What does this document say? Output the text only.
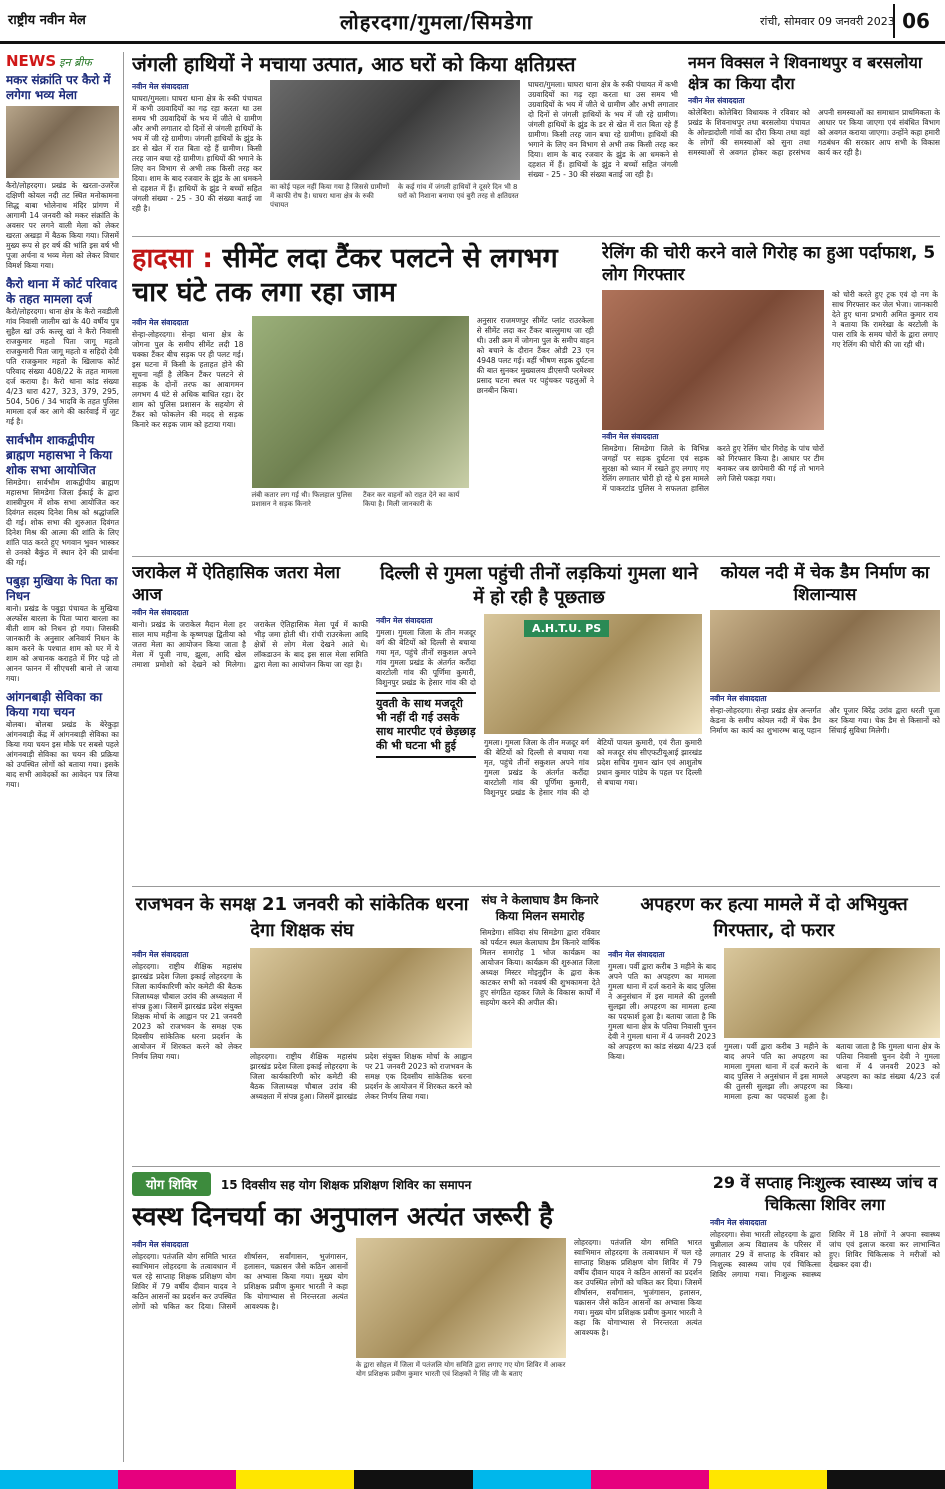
राष्ट्रीय नवीन मेल	लोहरदगा/गुमला/सिमडेगा	रांची, सोमवार 09 जनवरी 2023 06
NEWS इन ब्रीफ
मकर संक्रांति पर कैरो में लगेगा भव्य मेला
कैरो/लोहरदगा। प्रखंड के खरता-उजरेंज दक्षिणी कोयल नदी तट स्थित मनोकामना सिद्ध बाबा भोलेनाथ मंदिर प्रांगण में आगामी 14 जनवरी को मकर संक्रांति के अवसर पर लगने वाली मेला को लेकर खरता अखड़ा में बैठक किया गया। जिसमें मुख्य रूप से हर वर्ष की भांति इस वर्ष भी पूजा अर्चना व भव्य मेला को लेकर विचार विमर्श किया गया।
कैरो थाना में कोर्ट परिवाद के तहत मामला दर्ज
कैरो/लोहरदगा। थाना क्षेत्र के कैरो नवडीली गांव निवासी जालीम खां के 40 वर्षीय पुत्र सुहैल खां उर्फ कल्लू खां ने कैरो निवासी राजकुमार महतो पिता जागू महतो राजकुमारी पिता जागू महतो व सहिदो देवी पति राजकुमार महतो के खिलाफ कोर्ट परिवाद संख्या 408/22 के तहत मामला दर्ज कराया है। कैरो थाना कांड संख्या 4/23 धारा 427, 323, 379, 295, 504, 506 / 34 भादवि के तहत पुलिस मामला दर्ज कर आगे की कार्रवाई में जुट गई है।
सार्वभौम शाकद्वीपीय ब्राह्मण महासभा ने किया शोक सभा आयोजित
सिमडेगा। सार्वभौम शाकद्वीपीय ब्राह्मण महासभा सिमडेगा जिला ईकाई के द्वारा शास्त्रीपुरम में शोक सभा आयोजित कर दिवंगत सदस्य दिनेश मिश्र को श्रद्धांजलि दी गई। शोक सभा की शुरुआत दिवंगत दिनेश मिश्र की आत्मा की शांति के लिए शांति पाठ करते हुए भगवान भुवन भास्कर से उनको बैकुंठ में स्थान देने की प्रार्थना की गई।
पबुड़ा मुखिया के पिता का निधन
बानो। प्रखंड के पबुड़ा पंचायत के मुखिया अल्फोंस बारला के पिता प्यारा बारला का बीती शाम को निधन हो गया। जिसकी जानकारी के अनुसार अनिवार्य निधन के काम करने के पश्चात शाम को घर में ये शाम को अचानक कराहते में गिर पड़े तो आनन फानन में सीएचसी बानो ले जाया गया।
आंगनबाड़ी सेविका का किया गया चयन
बोलबा। बोलबा प्रखंड के बेरेकुड़ा आंगनबाड़ी केंद्र में आंगनबाड़ी सेविका का किया गया चयन इस मौके पर सबसे पहले आंगनबाड़ी सेविका का चयन की प्रक्रिया को उपस्थित लोगों को बताया गया। इसके बाद सभी आवेदकों का आवेदन पत्र लिया गया।
जंगली हाथियों ने मचाया उत्पात, आठ घरों को किया क्षतिग्रस्त
नवीन मेल संवाददाता
घाघरा/गुमला। घाघरा थाना क्षेत्र के रुकी पंचायत में कभी उग्रवादियों का गढ़ रहा करता था उस समय भी उग्रवादियों के भय में जीते थे ग्रामीण और अभी लगातार दो दिनों से जंगली हाथियों के भय में जी रहे ग्रामीण। जंगली हाथियों के झुंड के डर से खेत में रात बिता रहे हैं ग्रामीण। किसी तरह जान बचा रहे ग्रामीण। हाथियों की भगाने के लिए वन विभाग से अभी तक किसी तरह कर दिया। शाम के बाद रजवार के झुंड के आ धमकने से दहशत में हैं। हाथियों के झुंड ने बच्चों सहित जंगली संख्या - 25 - 30 की संख्या बताई जा रही है।
का कोई पहल नहीं किया गया है जिससे ग्रामीणों में काफी रोष है। घाघरा थाना क्षेत्र के रुकी पंचायत
के कई गांव में जंगली हाथियों ने दूसरे दिन भी 8 घरों को निशाना बनाया एवं बुरी तरह से क्षतिग्रस्त
घाघरा/गुमला। घाघरा थाना क्षेत्र के रुकी पंचायत में कभी उग्रवादियों का गढ़ रहा करता था उस समय भी उग्रवादियों के भय में जीते थे ग्रामीण और अभी लगातार दो दिनों से जंगली हाथियों के भय में जी रहे ग्रामीण। जंगली हाथियों के झुंड के डर से खेत में रात बिता रहे हैं ग्रामीण। किसी तरह जान बचा रहे ग्रामीण। हाथियों की भगाने के लिए वन विभाग से अभी तक किसी तरह कर दिया। शाम के बाद रजवार के झुंड के आ धमकने से दहशत में हैं। हाथियों के झुंड ने बच्चों सहित जंगली संख्या - 25 - 30 की संख्या बताई जा रही है।
नमन विक्सल ने शिवनाथपुर व बरसलोया क्षेत्र का किया दौरा
नवीन मेल संवाददाता
कोलेबिरा। कोलेबिरा विधायक ने रविवार को प्रखंड के शिवनाथपुर तथा बरसलोया पंचायत के ओल्डादोली गांवों का दौरा किया तथा वहां के लोगों की समस्याओं को सुना तथा समस्याओं से अवगत होकर कहा हरसंभव अपनी समस्याओं का समाधान प्राथमिकता के आधार पर किया जाएगा एवं संबंधित विभाग को अवगत कराया जाएगा। उन्होंने कहा हमारी गठबंधन की सरकार आप सभी के विकास कार्य कर रही है।
हादसा : सीमेंट लदा टैंकर पलटने से लगभग चार घंटे तक लगा रहा जाम
नवीन मेल संवाददाता
सेन्हा-लोहरदगा। सेन्हा थाना क्षेत्र के जोगना पुल के समीप सीमेंट लदी 18 चक्का टैंकर बीच सड़क पर ही पलट गई। इस घटना में किसी के हताहत होने की सूचना नहीं है लेकिन टैंकर पलटने से सड़क के दोनों तरफ का आवागमन लगभग 4 घंटे से अधिक बाधित रहा। देर शाम को पुलिस प्रशासन के सहयोग से टैंकर को फोकलेन की मदद से सड़क किनारे कर सड़क जाम को हटाया गया।
लंबी कतार लग गई थी। फिलहाल पुलिस प्रशासन ने सड़क किनारे
टैंकर कर वाहनों को राहत देने का कार्य किया है। मिली जानकारी के
अनुसार राजमणपुर सीमेंट प्लांट राउरकेला से सीमेंट लदा कर टैंकर बाल्लुमाथ जा रही थी। उसी क्रम में जोगना पुल के समीप वाहन को बचाने के दौरान टैंकर ओडी 23 एन 4948 पलट गई। वहीं भीषण सड़क दुर्घटना की बात सुनकर मुख्यालय डीएसपी परमेश्वर प्रसाद घटना स्थल पर पहुंचकर पहलुओं ने छानबीन किया।
रेलिंग की चोरी करने वाले गिरोह का हुआ पर्दाफाश, 5 लोग गिरफ्तार
नवीन मेल संवाददाता
सिमडेगा। सिमडेगा जिले के विभिन्न जगहों पर सड़क दुर्घटना एवं सड़क सुरक्षा को ध्यान में रखते हुए लगाए गए रेलिंग लगातार चोरी हो रहे थे इस मामले में पाकरटांड पुलिस ने सफलता हासिल करते हुए रेलिंग चोर गिरोह के पांच चोरों को गिरफ्तार किया है। आधार पर टीम बनाकर जब छापेमारी की गई तो भागने लगे जिसे पकड़ा गया।
को चोरी करते हुए ट्रक एवं दो नग के साथ गिरफ्तार कर जेल भेजा। जानकारी देते हुए थाना प्रभारी अमित कुमार राय ने बताया कि रामरेखा के बरटोली के पास रात्रि के समय चोरों के द्वारा लगाए गए रेलिंग की चोरी की जा रही थी।
जराकेल में ऐतिहासिक जतरा मेला आज
नवीन मेल संवाददाता
बानो। प्रखंड के जराकेल मैदान मेला हर साल माघ महीना के कृष्णपक्ष द्वितीया को जतरा मेला का आयोजन किया जाता है मेला में पूजी नाच, झूला, आदि खेल तमाशा प्रमोशो को देखने को मिलेगा। जराकेल ऐतिहासिक मेला पूर्व में काफी भीड़ जमा होती थी। रांची राउरकेला आदि क्षेत्रों से लोग मेला देखने आते थे। लॉकडाउन के बाद इस साल मेला समिति द्वारा मेला का आयोजन किया जा रहा है।
दिल्ली से गुमला पहुंची तीनों लड़कियां गुमला थाने में हो रही है पूछताछ
नवीन मेल संवाददाता
गुमला। गुमला जिला के तीन मजदूर वर्ग की बेटियों को दिल्ली से बचाया गया मृत, पहुंचे तीनों सकुशल अपने गांव गुमला प्रखंड के अंतर्गत करौंदा बारटोली गांव की पूर्णिमा कुमारी, विशुनपुर प्रखंड के हेसार गांव की दो
युवती के साथ मजदूरी भी नहीं दी गई उसके साथ मारपीट एवं छेड़छाड़ की भी घटना भी हुई
A.H.T.U. PS
गुमला। गुमला जिला के तीन मजदूर वर्ग की बेटियों को दिल्ली से बचाया गया मृत, पहुंचे तीनों सकुशल अपने गांव गुमला प्रखंड के अंतर्गत करौंदा बारटोली गांव की पूर्णिमा कुमारी, विशुनपुर प्रखंड के हेसार गांव की दो बेटियों पायल कुमारी, एवं रीता कुमारी को मजदूर संघ सीएफटीयूआई झारखंड प्रदेश सचिव गुमान खांन एवं आशुतोष प्रधान कुमार पांडेय के पहल पर दिल्ली से बचाया गया।
कोयल नदी में चेक डैम निर्माण का शिलान्यास
नवीन मेल संवाददाता
सेन्हा-लोहरदगा। सेन्हा प्रखंड क्षेत्र अन्तर्गत केडना के समीप कोयल नदी में चेक डैम निर्माण का कार्य का शुभारम्भ बालू पहान और पूजार बिरेंद्र उरांव द्वारा धरती पूजा कर किया गया। चेक डैम से किसानों को सिंचाई सुविधा मिलेगी।
राजभवन के समक्ष 21 जनवरी को सांकेतिक धरना देगा शिक्षक संघ
नवीन मेल संवाददाता
लोहरदगा। राष्ट्रीय शैक्षिक महासंघ झारखंड प्रदेश जिला इकाई लोहरदगा के जिला कार्यकारिणी कोर कमेटी की बैठक जिलाध्यक्ष चौबाल उरांव की अध्यक्षता में संपन्न हुआ। जिसमें झारखंड प्रदेश संयुक्त शिक्षक मोर्चा के आह्वान पर 21 जनवरी 2023 को राजभवन के समक्ष एक दिवसीय सांकेतिक धरना प्रदर्शन के आयोजन में शिरकत करने को लेकर निर्णय लिया गया।	लोहरदगा। राष्ट्रीय शैक्षिक महासंघ झारखंड प्रदेश जिला इकाई लोहरदगा के जिला कार्यकारिणी कोर कमेटी की बैठक जिलाध्यक्ष चौबाल उरांव की अध्यक्षता में संपन्न हुआ। जिसमें झारखंड प्रदेश संयुक्त शिक्षक मोर्चा के आह्वान पर 21 जनवरी 2023 को राजभवन के समक्ष एक दिवसीय सांकेतिक धरना प्रदर्शन के आयोजन में शिरकत करने को लेकर निर्णय लिया गया।
संघ ने केलाघाघ डैम किनारे किया मिलन समारोह
सिमडेगा। संविदा संघ सिमडेगा द्वारा रविवार को पर्यटन स्थल केलाघाघ डैम किनारे वार्षिक मिलन समारोह 1 भोज कार्यक्रम का आयोजन किया। कार्यक्रम की शुरुआत जिला अध्यक्ष मिस्टर मोइनुद्दीन के द्वारा केक काटकर सभी को नववर्ष की शुभकामना देते हुए संगठित रहकर जिले के विकास कार्यों में सहयोग करने की अपील की।
अपहरण कर हत्या मामले में दो अभियुक्त गिरफ्तार, दो फरार
नवीन मेल संवाददाता
गुमला। पर्वी द्वारा करीब 3 महीने के बाद अपने पति का अपहरण का मामला गुमला थाना में दर्ज कराने के बाद पुलिस ने अनुसंधान में इस मामले की तुलसी सुलझा ली। अपहरण का मामला हत्या का पदफार्श हुआ है। बताया जाता है कि गुमला थाना क्षेत्र के पतिया निवासी चुनन देवी ने गुमला थाना में 4 जनवरी 2023 को अपहरण का कांड संख्या 4/23 दर्ज किया।
गुमला। पर्वी द्वारा करीब 3 महीने के बाद अपने पति का अपहरण का मामला गुमला थाना में दर्ज कराने के बाद पुलिस ने अनुसंधान में इस मामले की तुलसी सुलझा ली। अपहरण का मामला हत्या का पदफार्श हुआ है। बताया जाता है कि गुमला थाना क्षेत्र के पतिया निवासी चुनन देवी ने गुमला थाना में 4 जनवरी 2023 को अपहरण का कांड संख्या 4/23 दर्ज किया।
योग शिविर	15 दिवसीय सह योग शिक्षक प्रशिक्षण शिविर का समापन
स्वस्थ दिनचर्या का अनुपालन अत्यंत जरूरी है
नवीन मेल संवाददाता
लोहरदगा। पतंजलि योग समिति भारत स्वाभिमान लोहरदगा के तत्वावधान में चल रहे साप्ताह शिक्षक प्रशिक्षण योग शिविर में 79 वर्षीय दीवान यादव ने कठिन आसनों का प्रदर्शन कर उपस्थित लोगों को चकित कर दिया। जिसमें शीर्षासन, सर्वांगासन, भुजंगासन, हलासन, चक्रासन जैसे कठिन आसनों का अभ्यास किया गया। मुख्य योग प्रशिक्षक प्रवीण कुमार भारती ने कहा कि योगाभ्यास से निरन्तरता अत्यंत आवश्यक है।
के द्वारा सोहल में जिला में पतंजलि योग समिति द्वारा लगाए गए योग शिविर में आकर योग प्रशिक्षक प्रवीण कुमार भारती एवं शिक्षकों ने सिंह जी के बताए
लोहरदगा। पतंजलि योग समिति भारत स्वाभिमान लोहरदगा के तत्वावधान में चल रहे साप्ताह शिक्षक प्रशिक्षण योग शिविर में 79 वर्षीय दीवान यादव ने कठिन आसनों का प्रदर्शन कर उपस्थित लोगों को चकित कर दिया। जिसमें शीर्षासन, सर्वांगासन, भुजंगासन, हलासन, चक्रासन जैसे कठिन आसनों का अभ्यास किया गया। मुख्य योग प्रशिक्षक प्रवीण कुमार भारती ने कहा कि योगाभ्यास से निरन्तरता अत्यंत आवश्यक है।
29 वें सप्ताह निःशुल्क स्वास्थ्य जांच व चिकित्सा शिविर लगा
नवीन मेल संवाददाता
लोहरदगा। सेवा भारती लोहरदगा के द्वारा चुन्नीलाल अन्य विद्यालय के परिसर में लगातार 29 वें सप्ताह के रविवार को निःशुल्क स्वास्थ्य जांच एवं चिकित्सा शिविर लगाया गया। निःशुल्क स्वास्थ्य शिविर में 18 लोगों ने अपना स्वास्थ्य जांच एवं इलाज करवा कर लाभान्वित हुए। शिविर चिकित्सक ने मरीजों को देखकर दवा दी।
